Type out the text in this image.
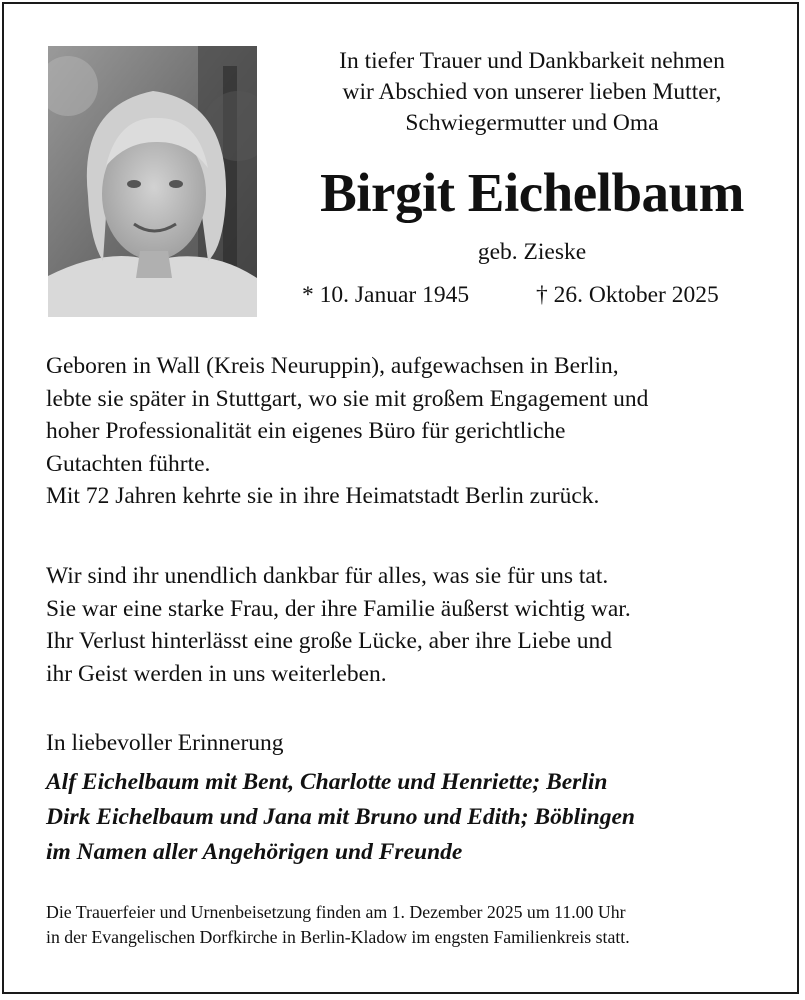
In tiefer Trauer und Dankbarkeit nehmen
wir Abschied von unserer lieben Mutter,
Schwiegermutter und Oma
Birgit Eichelbaum
geb. Zieske
* 10. Januar 1945	† 26. Oktober 2025
Geboren in Wall (Kreis Neuruppin), aufgewachsen in Berlin,
lebte sie später in Stuttgart, wo sie mit großem Engagement und
hoher Professionalität ein eigenes Büro für gerichtliche
Gutachten führte.
Mit 72 Jahren kehrte sie in ihre Heimatstadt Berlin zurück.
Wir sind ihr unendlich dankbar für alles, was sie für uns tat.
Sie war eine starke Frau, der ihre Familie äußerst wichtig war.
Ihr Verlust hinterlässt eine große Lücke, aber ihre Liebe und
ihr Geist werden in uns weiterleben.
In liebevoller Erinnerung
Alf Eichelbaum mit Bent, Charlotte und Henriette; Berlin
Dirk Eichelbaum und Jana mit Bruno und Edith; Böblingen
im Namen aller Angehörigen und Freunde
Die Trauerfeier und Urnenbeisetzung finden am 1. Dezember 2025 um 11.00 Uhr
in der Evangelischen Dorfkirche in Berlin-Kladow im engsten Familienkreis statt.
